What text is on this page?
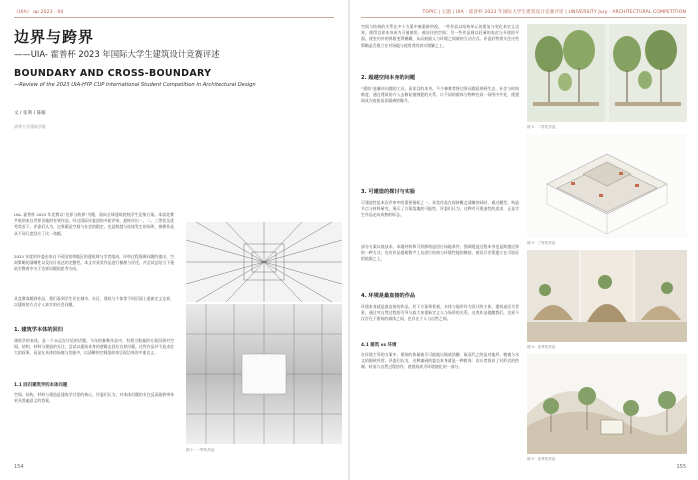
《UIA》 ap 2023 · 04
边界与跨界
——UIA- 霍普杯 2023 年国际大学生建筑设计竞赛评述
BOUNDARY AND CROSS-BOUNDARY
—Review of the 2023 UIA-HYP CUP International Student Competition in Architectural Design
文 / 张利 / 陈雁
清华大学建筑学院
UIA- 霍普杯 2023 年竞赛以“边界与跨界”为题，面向全球建筑院校学生征集方案。本届竞赛共收到来自世界各地的有效作品，经过国际评委团的多轮评审，最终评出一、二、三等奖及优秀奖若干。评委们认为，边界既是空间与社会的限定，也是跨越与连接发生的场所，参赛作品从不同尺度回应了这一命题。
2023 年度的评委由来自不同国家和地区的建筑师与学者组成，评审过程强调问题的提出、空间策略的清晰性以及设计表达的完整性。本文对获奖作品进行梳理与评述，并尝试总结当下建筑学教育中关于边界问题的思考方向。
从竞赛命题到作品，我们看到学生们在城市、社区、建筑与个体等不同层面上重新定义边界，以建筑的方式介入真实的社会问题。
1. 建筑学本体的回归
建筑学的本体，是一个永远在讨论的话题。今年的参赛作品中，有相当数量的方案回到对空间、结构、材料与建造的关注，尝试以建筑本身的逻辑去回应边界问题。这些作品并不追求宏大的叙事，而是在具体的场地与功能中，以清晰的空间组织来呈现边界的多重含义。
1.1 回归建筑学的本体问题
空间、结构、材料与建造是建筑学讨论的核心，评委们认为，对本体问题的专注反而能够带来更具普遍意义的答案。
图 1 · 一等奖作品
154
TOPIC | 主题 | UIA - 霍普杯 2023 年国际大学生建筑设计竞赛评述 | UNIVERSITY Jury · ARCHITECTURAL COMPETITION
空间与结构的关系在多个方案中被重新审视。一些作品以结构单元的重复与变化来定义边界，使得边界本身成为可被使用、被居住的空间；另一些作品则以轻薄的表皮与开放的平面，使室内外的界限变得模糊，从而鼓励人与环境之间新的互动方式。评委们特别关注这些策略是否建立在对场地与使用者的真实理解之上。
2. 超越空间本身的问题
“建筑”是解决问题的工具，而非目的本身。不少参赛者将边界问题延伸到生态、社会与时间维度，通过建筑的介入去修复被割裂的关系，让不同的群体与物种在同一场所中共处，使建筑成为连接而非隔离的媒介。
3. 可建造的探讨与实验
可建造性是本次评审中的重要指标之一。获奖作品在保持概念清晰的同时，通过模型、构造节点与材料研究，展示了方案落地的可能性。评委们认为，这种对可建造性的追求，正是学生作品走向成熟的标志。
部分方案以低技术、本地材料和可拆卸构造回应场地条件，强调建造过程本身也是跨越边界的一种方式；也有作品借助数字工具进行结构与环境性能的模拟，使设计决策建立在可验证的依据之上。
4. 环境是最直接的作品
环境本身就是最直接的作品。若干方案将景观、水体与地形作为设计的主体，建筑退居为背景，通过对自然过程的引导与放大来重新定义人与场所的关系。这类作品提醒我们，边界不仅存在于建筑的墙体之间，也存在于人与自然之间。
4.1 建筑 vs 环境
在环境主导的方案中，建筑的体量被尽可能地压缩或消解，取而代之的是对地形、植被与水文的细致经营。评委们认为，这种谦逊的姿态本身就是一种跨界：设计者放弃了对形式的控制，转而与自然过程协作，使建筑成为环境演化的一部分。
图 2 · 二等奖作品
图 3 · 三等奖作品
图 4 · 优秀奖作品
图 5 · 优秀奖作品
155
